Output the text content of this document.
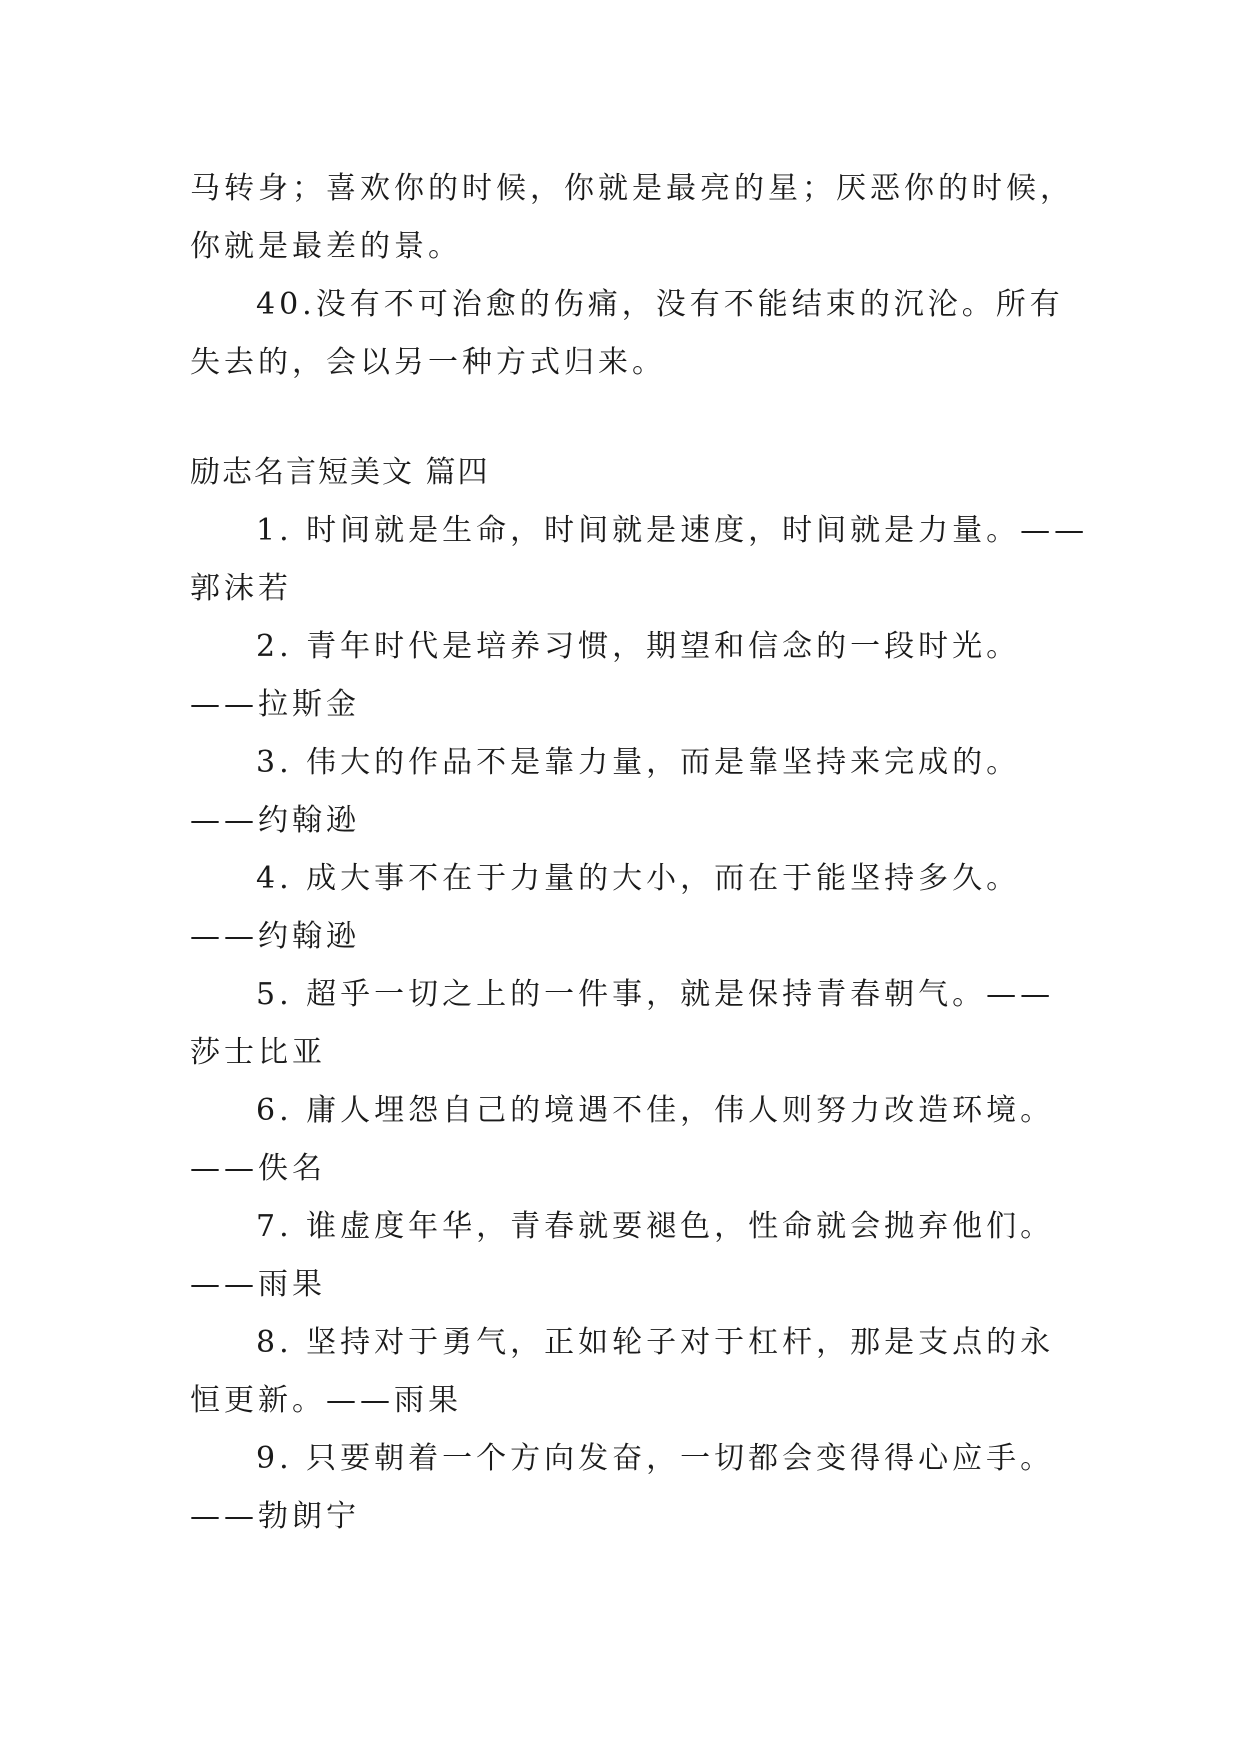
马转身；喜欢你的时候，你就是最亮的星；厌恶你的时候，
你就是最差的景。

40.没有不可治愈的伤痛，没有不能结束的沉沦。所有
失去的，会以另一种方式归来。

励志名言短美文 篇四

1. 时间就是生命，时间就是速度，时间就是力量。——
郭沫若

2. 青年时代是培养习惯，期望和信念的一段时光。
——拉斯金

3. 伟大的作品不是靠力量，而是靠坚持来完成的。
——约翰逊

4. 成大事不在于力量的大小，而在于能坚持多久。
——约翰逊

5. 超乎一切之上的一件事，就是保持青春朝气。——
莎士比亚

6. 庸人埋怨自己的境遇不佳，伟人则努力改造环境。
——佚名

7. 谁虚度年华，青春就要褪色，性命就会抛弃他们。
——雨果

8. 坚持对于勇气，正如轮子对于杠杆，那是支点的永
恒更新。——雨果

9. 只要朝着一个方向发奋，一切都会变得得心应手。
——勃朗宁
